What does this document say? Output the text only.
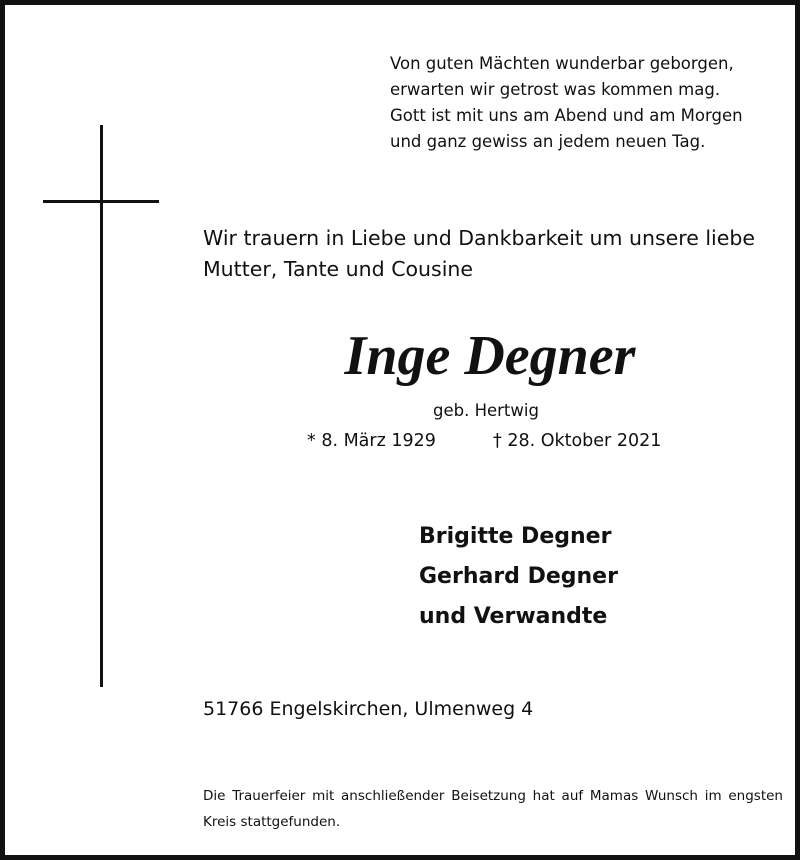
Von guten Mächten wunderbar geborgen,
erwarten wir getrost was kommen mag.
Gott ist mit uns am Abend und am Morgen
und ganz gewiss an jedem neuen Tag.
Wir trauern in Liebe und Dankbarkeit um unsere liebe
Mutter, Tante und Cousine
Inge Degner
geb. Hertwig
* 8. März 1929	† 28. Oktober 2021
Brigitte Degner
Gerhard Degner
und Verwandte
51766 Engelskirchen, Ulmenweg 4
Die Trauerfeier mit anschließender Beisetzung hat auf Mamas Wunsch im engsten Kreis stattgefunden.
